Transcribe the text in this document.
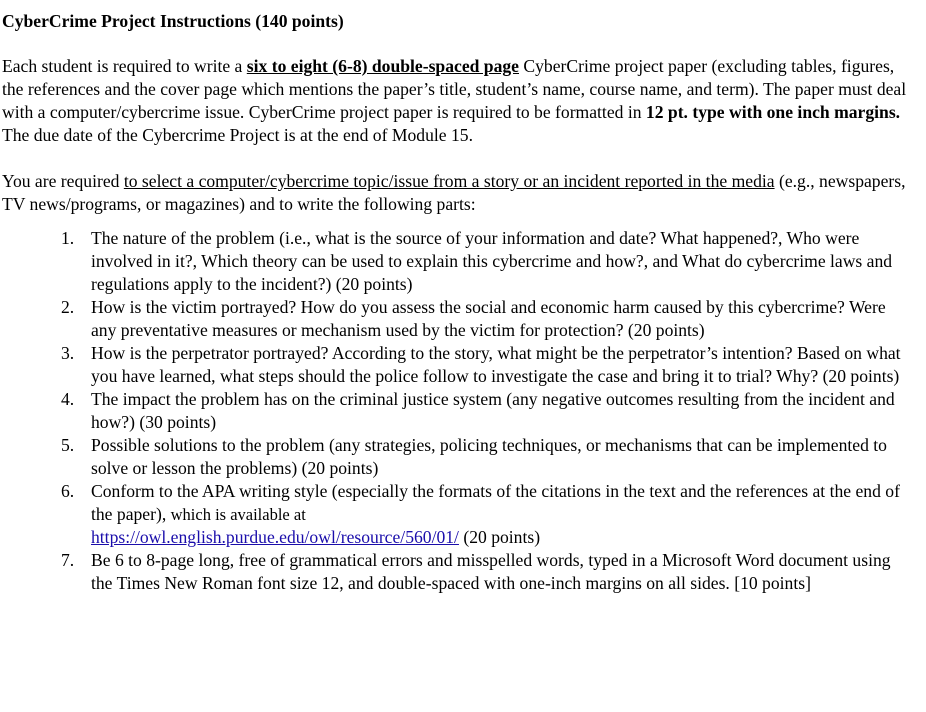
CyberCrime Project Instructions (140 points)

Each student is required to write a six to eight (6-8) double-spaced page CyberCrime project paper (excluding tables, figures, the references and the cover page which mentions the paper’s title, student’s name, course name, and term). The paper must deal with a computer/cybercrime issue. CyberCrime project paper is required to be formatted in 12 pt. type with one inch margins. The due date of the Cybercrime Project is at the end of Module 15.

You are required to select a computer/cybercrime topic/issue from a story or an incident reported in the media (e.g., newspapers, TV news/programs, or magazines) and to write the following parts:

1. The nature of the problem (i.e., what is the source of your information and date? What happened?, Who were involved in it?, Which theory can be used to explain this cybercrime and how?, and What do cybercrime laws and regulations apply to the incident?) (20 points)
2. How is the victim portrayed? How do you assess the social and economic harm caused by this cybercrime? Were any preventative measures or mechanism used by the victim for protection? (20 points)
3. How is the perpetrator portrayed? According to the story, what might be the perpetrator’s intention? Based on what you have learned, what steps should the police follow to investigate the case and bring it to trial? Why? (20 points)
4. The impact the problem has on the criminal justice system (any negative outcomes resulting from the incident and how?) (30 points)
5. Possible solutions to the problem (any strategies, policing techniques, or mechanisms that can be implemented to solve or lesson the problems) (20 points)
6. Conform to the APA writing style (especially the formats of the citations in the text and the references at the end of the paper), which is available at
https://owl.english.purdue.edu/owl/resource/560/01/ (20 points)
7. Be 6 to 8-page long, free of grammatical errors and misspelled words, typed in a Microsoft Word document using the Times New Roman font size 12, and double-spaced with one-inch margins on all sides. [10 points]
